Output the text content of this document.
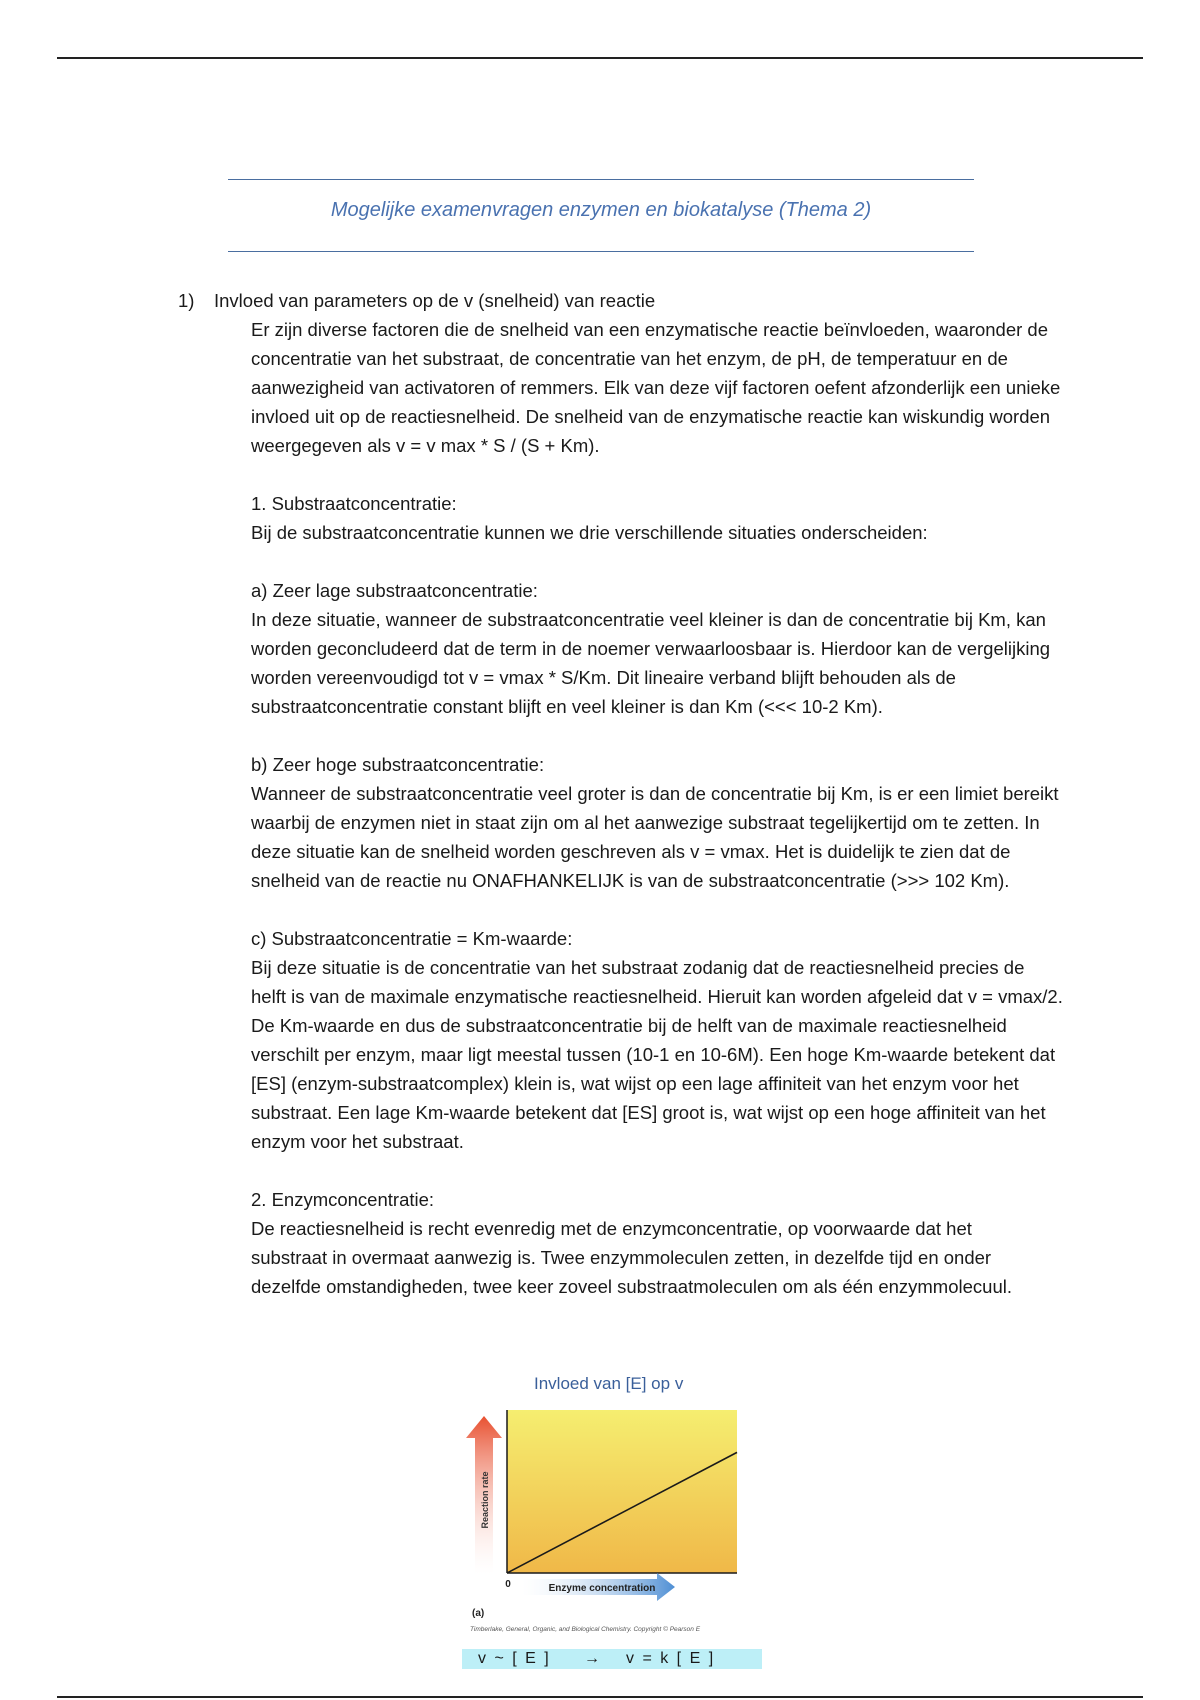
Mogelijke examenvragen enzymen en biokatalyse (Thema 2)
1)	Invloed van parameters op de v (snelheid) van reactie

Er zijn diverse factoren die de snelheid van een enzymatische reactie beïnvloeden, waaronder de concentratie van het substraat, de concentratie van het enzym, de pH, de temperatuur en de aanwezigheid van activatoren of remmers. Elk van deze vijf factoren oefent afzonderlijk een unieke invloed uit op de reactiesnelheid. De snelheid van de enzymatische reactie kan wiskundig worden weergegeven als v = v max * S / (S + Km).

1. Substraatconcentratie:

Bij de substraatconcentratie kunnen we drie verschillende situaties onderscheiden:

a) Zeer lage substraatconcentratie:

In deze situatie, wanneer de substraatconcentratie veel kleiner is dan de concentratie bij Km, kan worden geconcludeerd dat de term in de noemer verwaarloosbaar is. Hierdoor kan de vergelijking worden vereenvoudigd tot v = vmax * S/Km. Dit lineaire verband blijft behouden als de substraatconcentratie constant blijft en veel kleiner is dan Km (<<< 10-2 Km).

b) Zeer hoge substraatconcentratie:

Wanneer de substraatconcentratie veel groter is dan de concentratie bij Km, is er een limiet bereikt waarbij de enzymen niet in staat zijn om al het aanwezige substraat tegelijkertijd om te zetten. In deze situatie kan de snelheid worden geschreven als v = vmax. Het is duidelijk te zien dat de snelheid van de reactie nu ONAFHANKELIJK is van de substraatconcentratie (>>> 102 Km).

c) Substraatconcentratie = Km-waarde:

Bij deze situatie is de concentratie van het substraat zodanig dat de reactiesnelheid precies de helft is van de maximale enzymatische reactiesnelheid. Hieruit kan worden afgeleid dat v = vmax/2. De Km-waarde en dus de substraatconcentratie bij de helft van de maximale reactiesnelheid verschilt per enzym, maar ligt meestal tussen (10-1 en 10-6M). Een hoge Km-waarde betekent dat [ES] (enzym-substraatcomplex) klein is, wat wijst op een lage affiniteit van het enzym voor het substraat. Een lage Km-waarde betekent dat [ES] groot is, wat wijst op een hoge affiniteit van het enzym voor het substraat.

2. Enzymconcentratie:

De reactiesnelheid is recht evenredig met de enzymconcentratie, op voorwaarde dat het substraat in overmaat aanwezig is. Twee enzymmoleculen zetten, in dezelfde tijd en onder dezelfde omstandigheden, twee keer zoveel substraatmoleculen om als één enzymmolecuul.

Invloed van [E] op v
Reaction rate
Enzyme concentration
0
(a)
Timberlake, General, Organic, and Biological Chemistry. Copyright © Pearson E
v ~ [ E ] → v = k [ E ]
